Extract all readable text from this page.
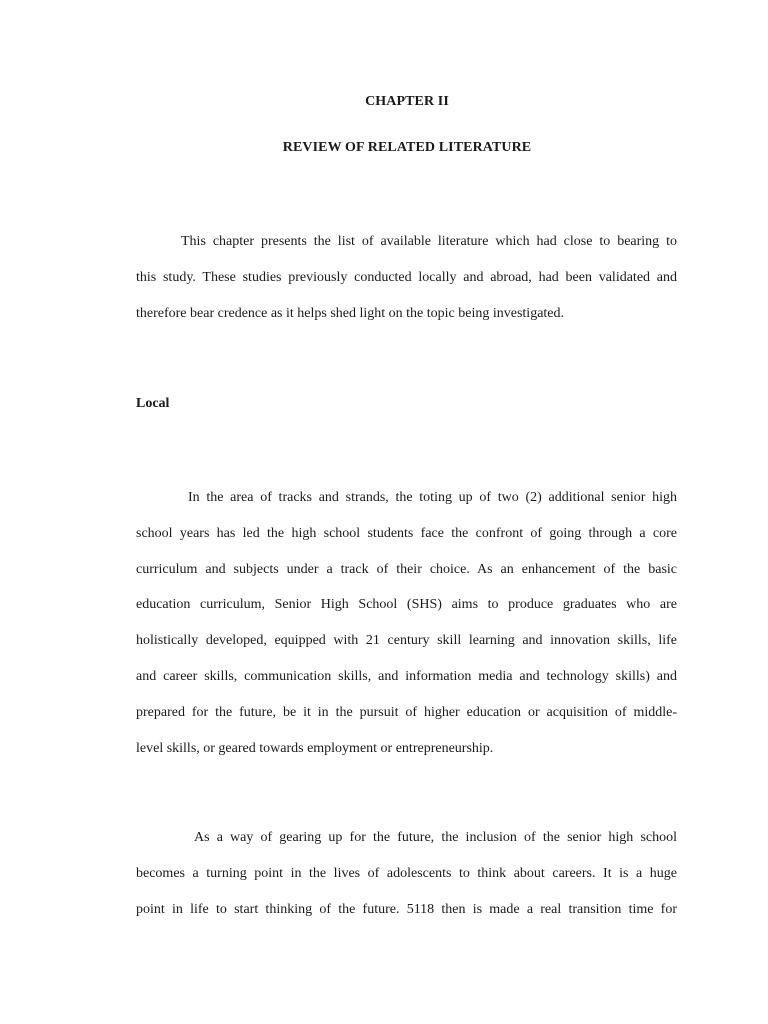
CHAPTER II
REVIEW OF RELATED LITERATURE
This chapter presents the list of available literature which had close to bearing to
this study. These studies previously conducted locally and abroad, had been validated and
therefore bear credence as it helps shed light on the topic being investigated.
Local
In the area of tracks and strands, the toting up of two (2) additional senior high
school years has led the high school students face the confront of going through a core
curriculum and subjects under a track of their choice. As an enhancement of the basic
education curriculum, Senior High School (SHS) aims to produce graduates who are
holistically developed, equipped with 21 century skill learning and innovation skills, life
and career skills, communication skills, and information media and technology skills) and
prepared for the future, be it in the pursuit of higher education or acquisition of middle-
level skills, or geared towards employment or entrepreneurship.
As a way of gearing up for the future, the inclusion of the senior high school
becomes a turning point in the lives of adolescents to think about careers. It is a huge
point in life to start thinking of the future. 5118 then is made a real transition time for
